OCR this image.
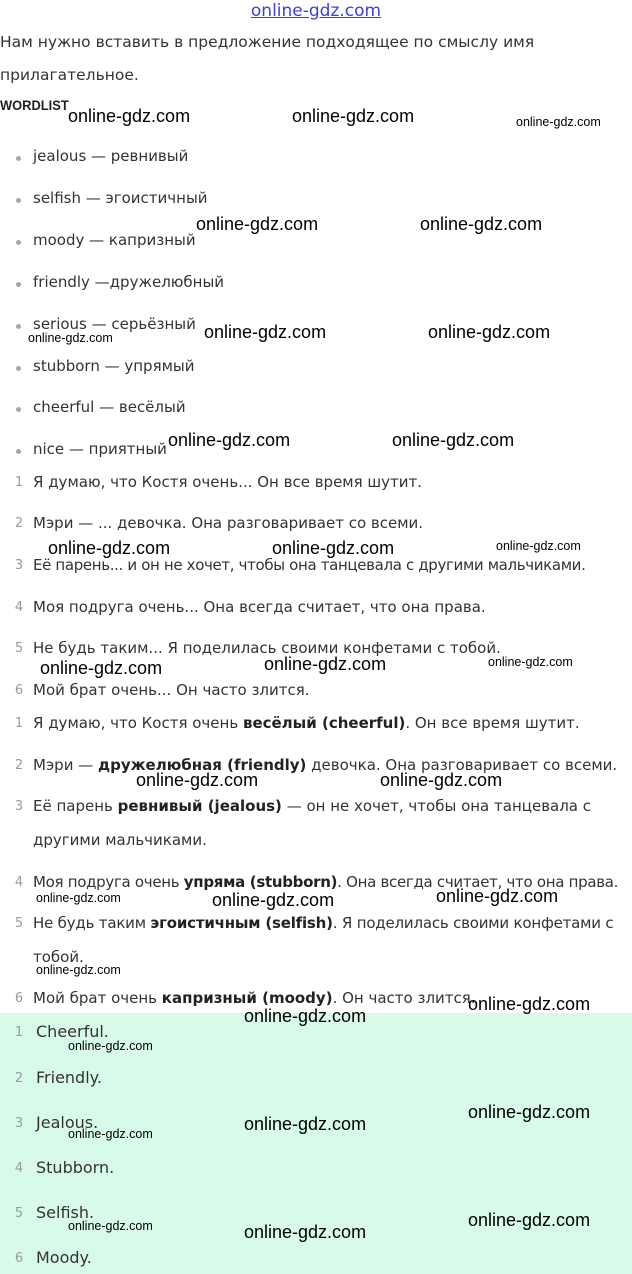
online-gdz.com
Нам нужно вставить в предложение подходящее по смыслу имя
прилагательное.
WORDLIST
jealous — ревнивый
selfish — эгоистичный
moody — капризный
friendly —дружелюбный
serious — серьёзный
stubborn — упрямый
cheerful — весёлый
nice — приятный
1 Я думаю, что Костя очень... Он все время шутит.
2 Мэри — ... девочка. Она разговаривает со всеми.
3 Её парень... и он не хочет, чтобы она танцевала с другими мальчиками.
4 Моя подруга очень... Она всегда считает, что она права.
5 Не будь таким... Я поделилась своими конфетами с тобой.
6 Мой брат очень... Он часто злится.
1 Я думаю, что Костя очень весёлый (cheerful). Он все время шутит.
2 Мэри — дружелюбная (friendly) девочка. Она разговаривает со всеми.
3 Её парень ревнивый (jealous) — он не хочет, чтобы она танцевала с
другими мальчиками.
4 Моя подруга очень упряма (stubborn). Она всегда считает, что она права.
5 Не будь таким эгоистичным (selfish). Я поделилась своими конфетами с
тобой.
6 Мой брат очень капризный (moody). Он часто злится.
1 Cheerful.
2 Friendly.
3 Jealous.
4 Stubborn.
5 Selfish.
6 Moody.
online-gdz.com	online-gdz.com	online-gdz.com
online-gdz.com	online-gdz.com
online-gdz.com	online-gdz.com	online-gdz.com
online-gdz.com	online-gdz.com
online-gdz.com	online-gdz.com	online-gdz.com
online-gdz.com	online-gdz.com	online-gdz.com
online-gdz.com	online-gdz.com
online-gdz.com	online-gdz.com	online-gdz.com
online-gdz.com
online-gdz.com
online-gdz.com
online-gdz.com
online-gdz.com
online-gdz.com
online-gdz.com
online-gdz.com
online-gdz.com	online-gdz.com
